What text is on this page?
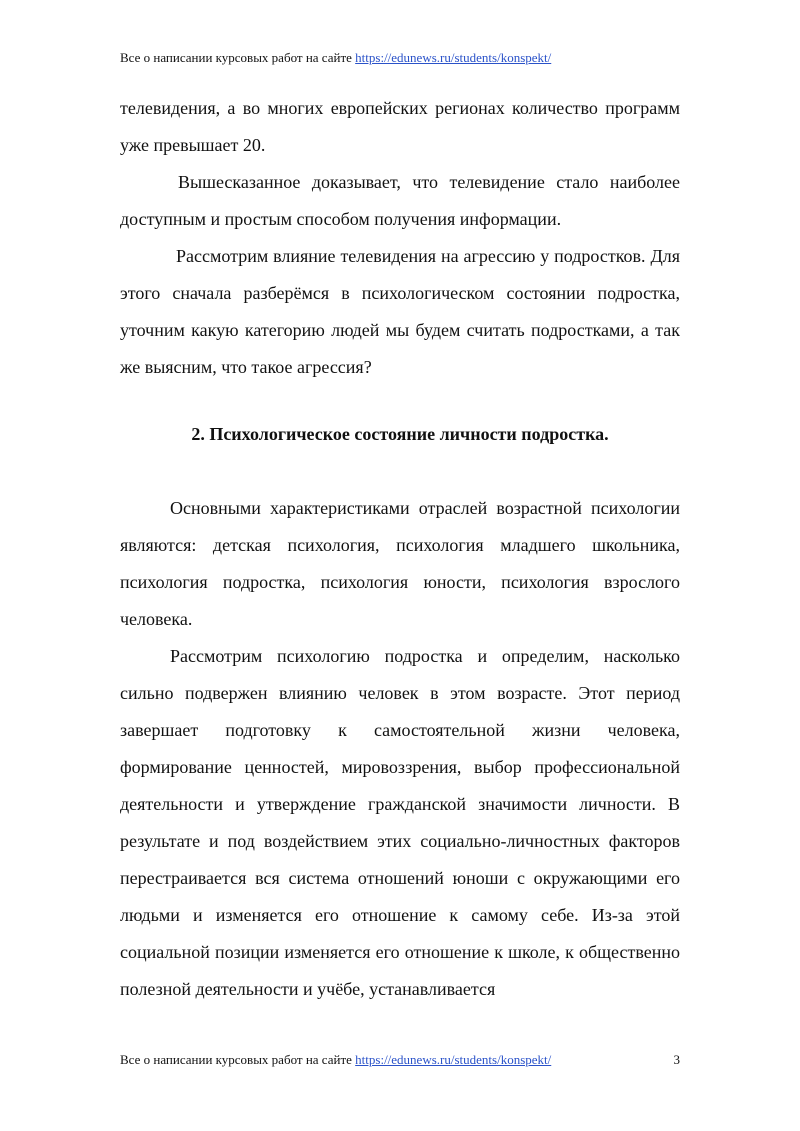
Все о написании курсовых работ на сайте https://edunews.ru/students/konspekt/

телевидения, а во многих европейских регионах количество программ уже превышает 20.

Вышесказанное доказывает, что телевидение стало наиболее доступным и простым способом получения информации.

Рассмотрим влияние телевидения на агрессию у подростков. Для этого сначала разберёмся в психологическом состоянии подростка, уточним какую категорию людей мы будем считать подростками, а так же выясним, что такое агрессия?

2. Психологическое состояние личности подростка.

Основными характеристиками отраслей возрастной психологии являются: детская психология, психология младшего школьника, психология подростка, психология юности, психология взрослого человека.

Рассмотрим психологию подростка и определим, насколько сильно подвержен влиянию человек в этом возрасте. Этот период завершает подготовку к самостоятельной жизни человека, формирование ценностей, мировоззрения, выбор профессиональной деятельности и утверждение гражданской значимости личности. В результате и под воздействием этих социально-личностных факторов перестраивается вся система отношений юноши с окружающими его людьми и изменяется его отношение к самому себе. Из-за этой социальной позиции изменяется его отношение к школе, к общественно полезной деятельности и учёбе, устанавливается

Все о написании курсовых работ на сайте https://edunews.ru/students/konspekt/	3
